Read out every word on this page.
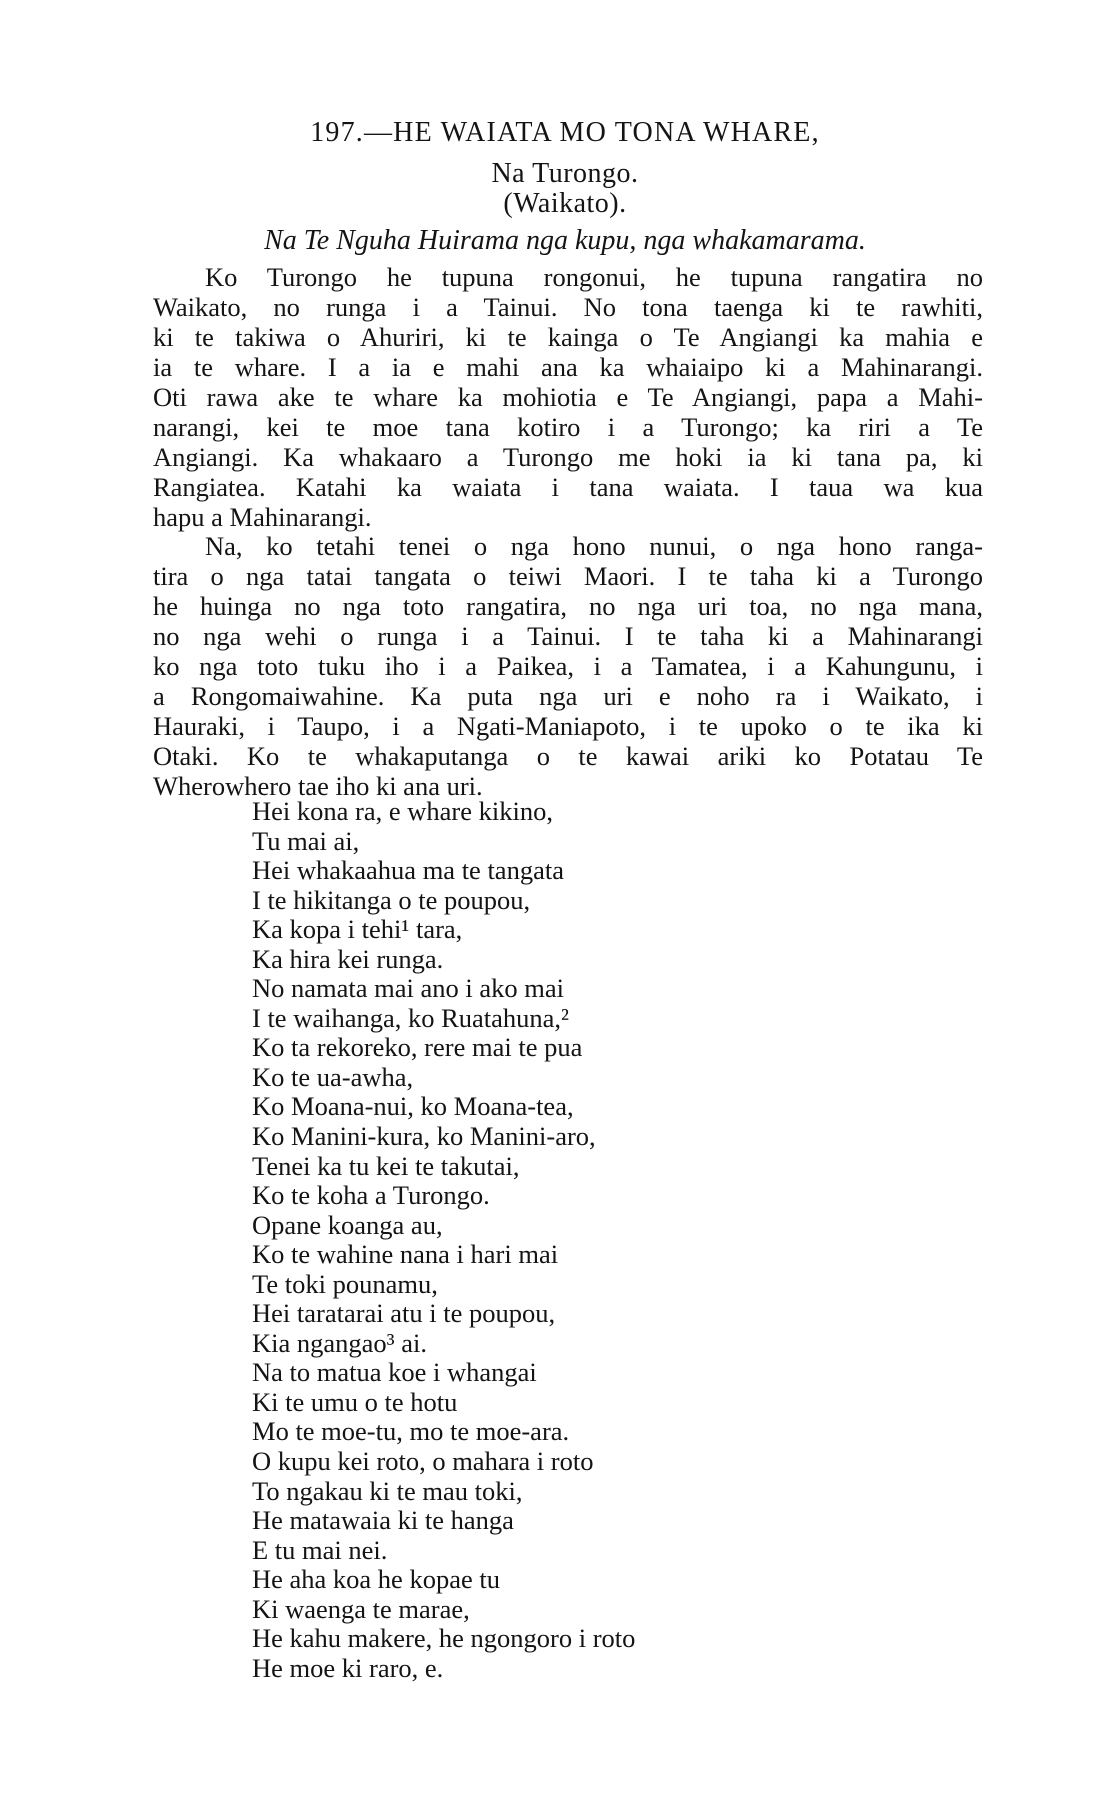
197.—HE WAIATA MO TONA WHARE,
Na Turongo.
(Waikato).
Na Te Nguha Huirama nga kupu, nga whakamarama.
Ko Turongo he tupuna rongonui, he tupuna rangatira no
Waikato, no runga i a Tainui. No tona taenga ki te rawhiti,
ki te takiwa o Ahuriri, ki te kainga o Te Angiangi ka mahia e
ia te whare. I a ia e mahi ana ka whaiaipo ki a Mahinarangi.
Oti rawa ake te whare ka mohiotia e Te Angiangi, papa a Mahi-
narangi, kei te moe tana kotiro i a Turongo; ka riri a Te
Angiangi. Ka whakaaro a Turongo me hoki ia ki tana pa, ki
Rangiatea. Katahi ka waiata i tana waiata. I taua wa kua
hapu a Mahinarangi.
Na, ko tetahi tenei o nga hono nunui, o nga hono ranga-
tira o nga tatai tangata o teiwi Maori. I te taha ki a Turongo
he huinga no nga toto rangatira, no nga uri toa, no nga mana,
no nga wehi o runga i a Tainui. I te taha ki a Mahinarangi
ko nga toto tuku iho i a Paikea, i a Tamatea, i a Kahungunu, i
a Rongomaiwahine. Ka puta nga uri e noho ra i Waikato, i
Hauraki, i Taupo, i a Ngati-Maniapoto, i te upoko o te ika ki
Otaki. Ko te whakaputanga o te kawai ariki ko Potatau Te
Wherowhero tae iho ki ana uri.
Hei kona ra, e whare kikino,
Tu mai ai,
Hei whakaahua ma te tangata
I te hikitanga o te poupou,
Ka kopa i tehi¹ tara,
Ka hira kei runga.
No namata mai ano i ako mai
I te waihanga, ko Ruatahuna,²
Ko ta rekoreko, rere mai te pua
Ko te ua-awha,
Ko Moana-nui, ko Moana-tea,
Ko Manini-kura, ko Manini-aro,
Tenei ka tu kei te takutai,
Ko te koha a Turongo.
Opane koanga au,
Ko te wahine nana i hari mai
Te toki pounamu,
Hei taratarai atu i te poupou,
Kia ngangao³ ai.
Na to matua koe i whangai
Ki te umu o te hotu
Mo te moe-tu, mo te moe-ara.
O kupu kei roto, o mahara i roto
To ngakau ki te mau toki,
He matawaia ki te hanga
E tu mai nei.
He aha koa he kopae tu
Ki waenga te marae,
He kahu makere, he ngongoro i roto
He moe ki raro, e.
